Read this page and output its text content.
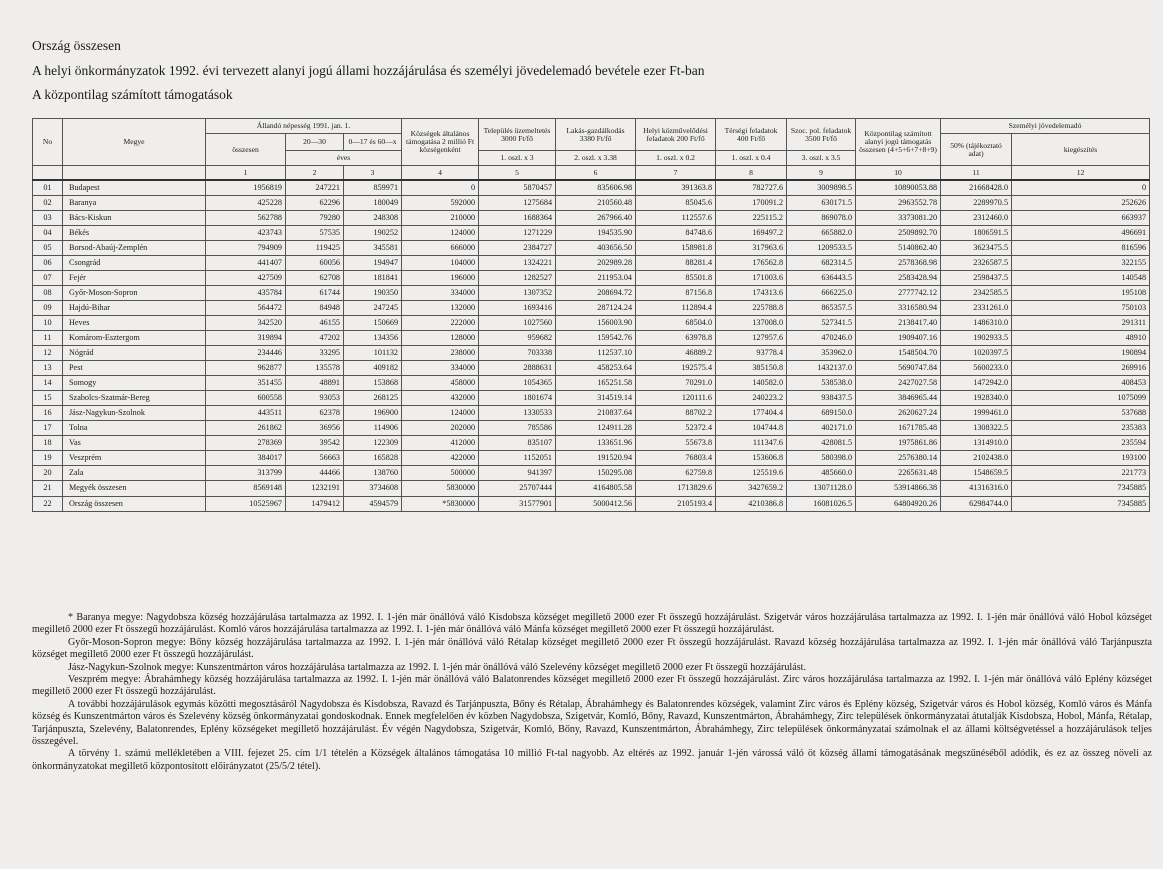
Ország összesen
A helyi önkormányzatok 1992. évi tervezett alanyi jogú állami hozzájárulása és személyi jövedelemadó bevétele ezer Ft-ban
A központilag számított támogatások
No	Megye	Állandó népesség 1991. jan. 1.			Községek általános támogatása 2 millió Ft községenként	Település üzemeltetés 3000 Ft/fő	Lakás-gazdálkodás 3380 Ft/fő	Helyi közművelődési feladatok 200 Ft/fő	Térségi feladatok 400 Ft/fő	Szoc. pol. feladatok 3500 Ft/fő	Központilag számított alanyi jogú támogatás összesen (4+5+6+7+8+9)	Személyi jövedelemadó	
		összesen	20—30	0—17 és 60—x								50% (tájékoztató adat)	kiegészítés
			éves			1. oszl. x 3	2. oszl. x 3.38	1. oszl. x 0.2	1. oszl. x 0.4	3. oszl. x 3.5			
		1	2	3	4	5	6	7	8	9	10	11	12
01	Budapest	1956819	247221	859971	0	5870457	835606.98	391363.8	782727.6	3009898.5	10890053.88	21668428.0	0
02	Baranya	425228	62296	180049	592000	1275684	210560.48	85045.6	170091.2	630171.5	2963552.78	2289970.5	252626
03	Bács-Kiskun	562788	79280	248308	210000	1688364	267966.40	112557.6	225115.2	869078.0	3373081.20	2312460.0	663937
04	Békés	423743	57535	190252	124000	1271229	194535.90	84748.6	169497.2	665882.0	2509892.70	1806591.5	496691
05	Borsod-Abaúj-Zemplén	794909	119425	345581	666000	2384727	403656.50	158981.8	317963.6	1209533.5	5140862.40	3623475.5	816596
06	Csongrád	441407	60056	194947	104000	1324221	202989.28	88281.4	176562.8	682314.5	2578368.98	2326587.5	322155
07	Fejér	427509	62708	181841	196000	1282527	211953.04	85501.8	171003.6	636443.5	2583428.94	2598437.5	140548
08	Győr-Moson-Sopron	435784	61744	190350	334000	1307352	208694.72	87156.8	174313.6	666225.0	2777742.12	2342585.5	195108
09	Hajdú-Bihar	564472	84948	247245	132000	1693416	287124.24	112894.4	225788.8	865357.5	3316580.94	2331261.0	750103
10	Heves	342520	46155	150669	222000	1027560	156003.90	68504.0	137008.0	527341.5	2138417.40	1486310.0	291311
11	Komárom-Esztergom	319894	47202	134356	128000	959682	159542.76	63978.8	127957.6	470246.0	1909407.16	1902933.5	48910
12	Nógrád	234446	33295	101132	238000	703338	112537.10	46889.2	93778.4	353962.0	1548504.70	1020397.5	190894
13	Pest	962877	135578	409182	334000	2888631	458253.64	192575.4	385150.8	1432137.0	5690747.84	5600233.0	269916
14	Somogy	351455	48891	153868	458000	1054365	165251.58	70291.0	140582.0	538538.0	2427027.58	1472942.0	408453
15	Szabolcs-Szatmár-Bereg	600558	93053	268125	432000	1801674	314519.14	120111.6	240223.2	938437.5	3846965.44	1928340.0	1075099
16	Jász-Nagykun-Szolnok	443511	62378	196900	124000	1330533	210837.64	88702.2	177404.4	689150.0	2620627.24	1999461.0	537688
17	Tolna	261862	36956	114906	202000	785586	124911.28	52372.4	104744.8	402171.0	1671785.48	1308322.5	235383
18	Vas	278369	39542	122309	412000	835107	133651.96	55673.8	111347.6	428081.5	1975861.86	1314910.0	235594
19	Veszprém	384017	56663	165828	422000	1152051	191520.94	76803.4	153606.8	580398.0	2576380.14	2102438.0	193100
20	Zala	313799	44466	138760	500000	941397	150295.08	62759.8	125519.6	485660.0	2265631.48	1548659.5	221773
21	Megyék összesen	8569148	1232191	3734608	5830000	25707444	4164805.58	1713829.6	3427659.2	13071128.0	53914866.38	41316316.0	7345885
22	Ország összesen	10525967	1479412	4594579	*5830000	31577901	5000412.56	2105193.4	4210386.8	16081026.5	64804920.26	62984744.0	7345885

* Baranya megye: Nagydobsza község hozzájárulása tartalmazza az 1992. I. 1-jén már önállóvá váló Kisdobsza községet megillető 2000 ezer Ft összegű hozzájárulást. Szigetvár város hozzájárulása tartalmazza az 1992. I. 1-jén már önállóvá váló Hobol községet megillető 2000 ezer Ft összegű hozzájárulást. Komló város hozzájárulása tartalmazza az 1992. I. 1-jén már önállóvá váló Mánfa községet megillető 2000 ezer Ft összegű hozzájárulást.

Győr-Moson-Sopron megye: Bőny község hozzájárulása tartalmazza az 1992. I. 1-jén már önállóvá váló Rétalap községet megillető 2000 ezer Ft összegű hozzájárulást. Ravazd község hozzájárulása tartalmazza az 1992. I. 1-jén már önállóvá váló Tarjánpuszta községet megillető 2000 ezer Ft összegű hozzájárulást.

Jász-Nagykun-Szolnok megye: Kunszentmárton város hozzájárulása tartalmazza az 1992. I. 1-jén már önállóvá váló Szelevény községet megillető 2000 ezer Ft összegű hozzájárulást.

Veszprém megye: Ábrahámhegy község hozzájárulása tartalmazza az 1992. I. 1-jén már önállóvá váló Balatonrendes községet megillető 2000 ezer Ft összegű hozzájárulást. Zirc város hozzájárulása tartalmazza az 1992. I. 1-jén már önállóvá váló Eplény községet megillető 2000 ezer Ft összegű hozzájárulást.

A további hozzájárulások egymás közötti megosztásáról Nagydobsza és Kisdobsza, Ravazd és Tarjánpuszta, Bőny és Rétalap, Ábrahámhegy és Balatonrendes községek, valamint Zirc város és Eplény község, Szigetvár város és Hobol község, Komló város és Mánfa község és Kunszentmárton város és Szelevény község önkormányzatai gondoskodnak. Ennek megfelelően év közben Nagydobsza, Szigetvár, Komló, Bőny, Ravazd, Kunszentmárton, Ábrahámhegy, Zirc települések önkormányzatai átutalják Kisdobsza, Hobol, Mánfa, Rétalap, Tarjánpuszta, Szelevény, Balatonrendes, Eplény községeket megillető hozzájárulást. Év végén Nagydobsza, Szigetvár, Komló, Bőny, Ravazd, Kunszentmárton, Ábrahámhegy, Zirc települések önkormányzatai számolnak el az állami költségvetéssel a hozzájárulások teljes összegével.

A törvény 1. számú mellékletében a VIII. fejezet 25. cím 1/1 tételén a Községek általános támogatása 10 millió Ft-tal nagyobb. Az eltérés az 1992. január 1-jén várossá váló öt község állami támogatásának megszűnéséből adódik, és ez az összeg növeli az önkormányzatokat megillető központosított előirányzatot (25/5/2 tétel).
